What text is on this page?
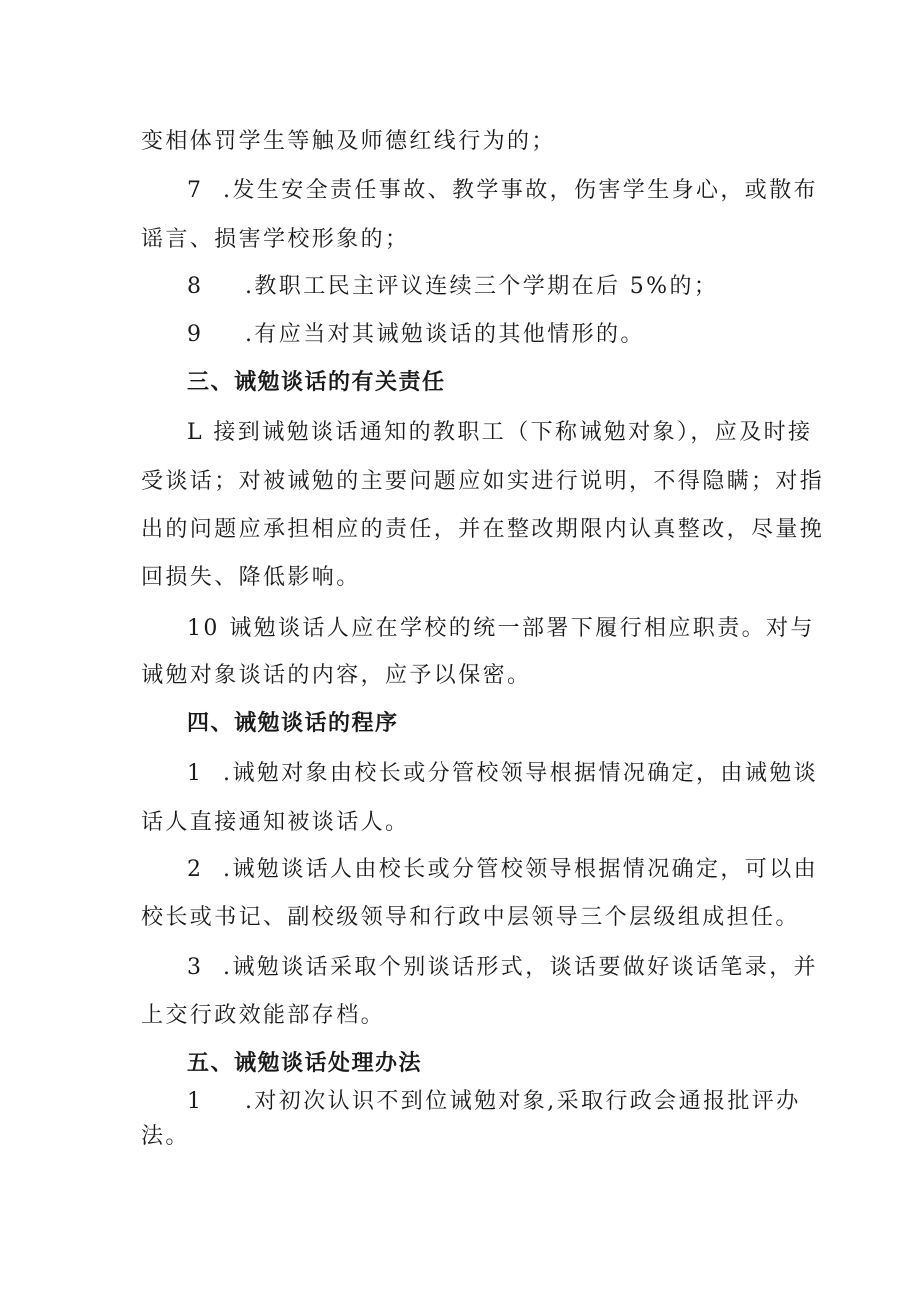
变相体罚学生等触及师德红线行为的；
7 .发生安全责任事故、教学事故，伤害学生身心，或散布
谣言、损害学校形象的；
8 .教职工民主评议连续三个学期在后 5%的；
9 .有应当对其诫勉谈话的其他情形的。
三、诫勉谈话的有关责任
L 接到诫勉谈话通知的教职工（下称诫勉对象），应及时接
受谈话；对被诫勉的主要问题应如实进行说明，不得隐瞒；对指
出的问题应承担相应的责任，并在整改期限内认真整改，尽量挽
回损失、降低影响。
10 诫勉谈话人应在学校的统一部署下履行相应职责。对与
诫勉对象谈话的内容，应予以保密。
四、诫勉谈话的程序
1 .诫勉对象由校长或分管校领导根据情况确定，由诫勉谈
话人直接通知被谈话人。
2 .诫勉谈话人由校长或分管校领导根据情况确定，可以由
校长或书记、副校级领导和行政中层领导三个层级组成担任。
3 .诫勉谈话采取个别谈话形式，谈话要做好谈话笔录，并
上交行政效能部存档。
五、诫勉谈话处理办法
1 .对初次认识不到位诫勉对象,采取行政会通报批评办
法。
